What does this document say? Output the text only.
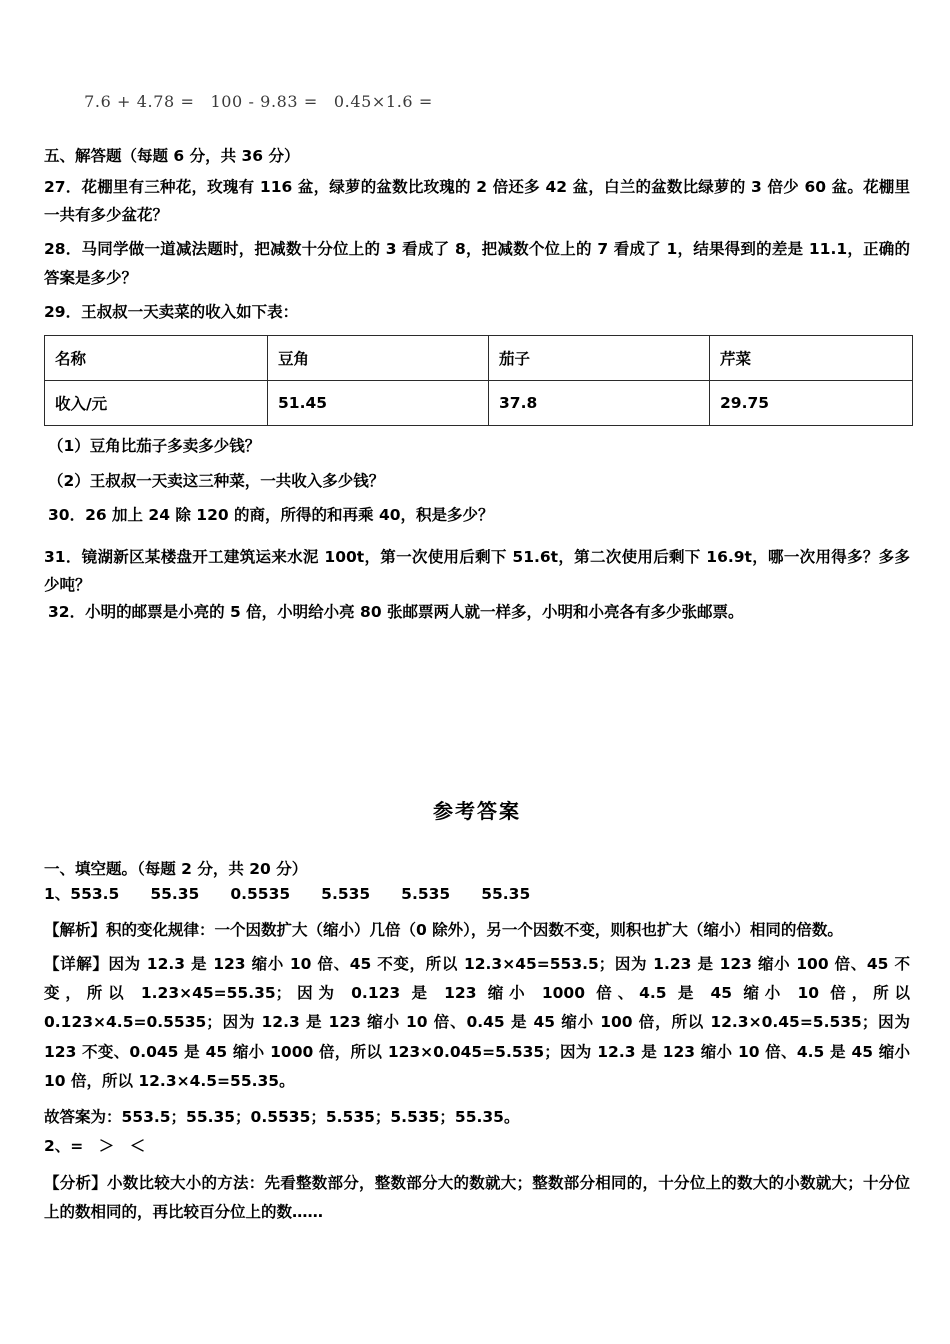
7.6 + 4.78 = 100 - 9.83 = 0.45×1.6 =

五、解答题（每题 6 分，共 36 分）
27．花棚里有三种花，玫瑰有 116 盆，绿萝的盆数比玫瑰的 2 倍还多 42 盆，白兰的盆数比绿萝的 3 倍少 60 盆。花棚里一共有多少盆花？
28．马同学做一道减法题时，把减数十分位上的 3 看成了 8，把减数个位上的 7 看成了 1，结果得到的差是 11.1，正确的答案是多少？
29．王叔叔一天卖菜的收入如下表：
名称	豆角	茄子	芹菜
收入/元	51.45	37.8	29.75
（1）豆角比茄子多卖多少钱？
（2）王叔叔一天卖这三种菜，一共收入多少钱？
30．26 加上 24 除 120 的商，所得的和再乘 40，积是多少？
31．镜湖新区某楼盘开工建筑运来水泥 100t，第一次使用后剩下 51.6t，第二次使用后剩下 16.9t，哪一次用得多？多多少吨？
32．小明的邮票是小亮的 5 倍，小明给小亮 80 张邮票两人就一样多，小明和小亮各有多少张邮票。
参考答案
一、填空题。（每题 2 分，共 20 分）
1、553.5　　55.35　　0.5535　　5.535　　5.535　　55.35
【解析】积的变化规律：一个因数扩大（缩小）几倍（0 除外），另一个因数不变，则积也扩大（缩小）相同的倍数。
【详解】因为 12.3 是 123 缩小 10 倍、45 不变，所以 12.3×45=553.5；因为 1.23 是 123 缩小 100 倍、45 不变，所以 1.23×45=55.35；因为 0.123 是 123 缩小 1000 倍、4.5 是 45 缩小 10 倍，所以 0.123×4.5=0.5535；因为 12.3 是 123 缩小 10 倍、0.45 是 45 缩小 100 倍，所以 12.3×0.45=5.535；因为 123 不变、0.045 是 45 缩小 1000 倍，所以 123×0.045=5.535；因为 12.3 是 123 缩小 10 倍、4.5 是 45 缩小 10 倍，所以 12.3×4.5=55.35。
故答案为：553.5；55.35；0.5535；5.535；5.535；55.35。
2、=　＞　＜
【分析】小数比较大小的方法：先看整数部分，整数部分大的数就大；整数部分相同的，十分位上的数大的小数就大；十分位上的数相同的，再比较百分位上的数……
